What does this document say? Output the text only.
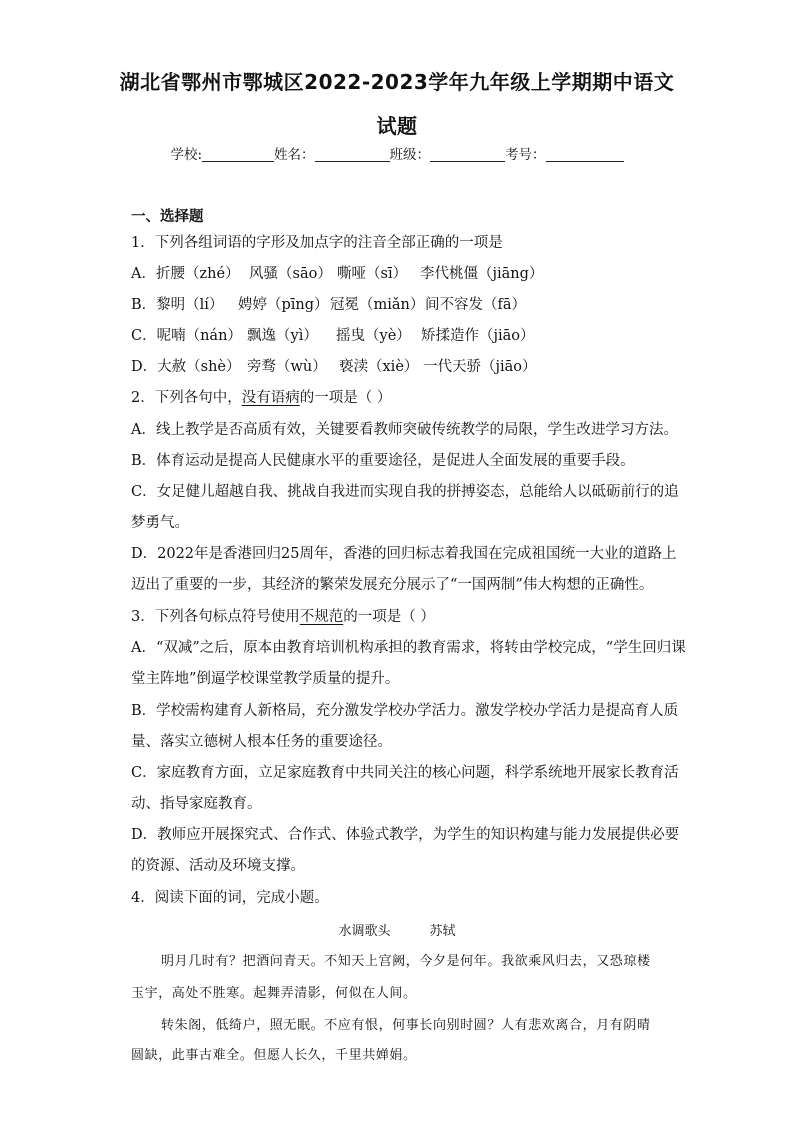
湖北省鄂州市鄂城区2022-2023学年九年级上学期期中语文
试题
学校:	姓名：	班级：	考号：
一、选择题
1．下列各组词语的字形及加点字的注音全部正确的一项是
A．折腰（zhé） 风骚（sāo） 嘶哑（sī） 李代桃僵（jiāng）
B．黎明（lí） 娉婷（pīng） 冠冕（miǎn） 间不容发（fā）
C．呢喃（nán） 飘逸（yì） 摇曳（yè） 矫揉造作（jiāo）
D．大赦（shè） 旁骛（wù） 亵渎（xiè） 一代天骄（jiāo）
2．下列各句中，没有语病的一项是（ ）
A．线上教学是否高质有效，关键要看教师突破传统教学的局限，学生改进学习方法。
B．体育运动是提高人民健康水平的重要途径，是促进人全面发展的重要手段。
C．女足健儿超越自我、挑战自我进而实现自我的拼搏姿态，总能给人以砥砺前行的追
梦勇气。
D．2022年是香港回归25周年，香港的回归标志着我国在完成祖国统一大业的道路上
迈出了重要的一步，其经济的繁荣发展充分展示了“一国两制”伟大构想的正确性。
3．下列各句标点符号使用不规范的一项是（ ）
A．“双减”之后，原本由教育培训机构承担的教育需求，将转由学校完成，“学生回归课
堂主阵地”倒逼学校课堂教学质量的提升。
B．学校需构建育人新格局，充分激发学校办学活力。激发学校办学活力是提高育人质
量、落实立德树人根本任务的重要途径。
C．家庭教育方面，立足家庭教育中共同关注的核心问题，科学系统地开展家长教育活
动、指导家庭教育。
D．教师应开展探究式、合作式、体验式教学，为学生的知识构建与能力发展提供必要
的资源、活动及环境支撑。
4．阅读下面的词，完成小题。
水调歌头　　　	苏轼
明月几时有？把酒问青天。不知天上宫阙，今夕是何年。我欲乘风归去，又恐琼楼
玉宇，高处不胜寒。起舞弄清影，何似在人间。
转朱阁，低绮户，照无眠。不应有恨，何事长向别时圆？人有悲欢离合，月有阴晴
圆缺，此事古难全。但愿人长久，千里共婵娟。
